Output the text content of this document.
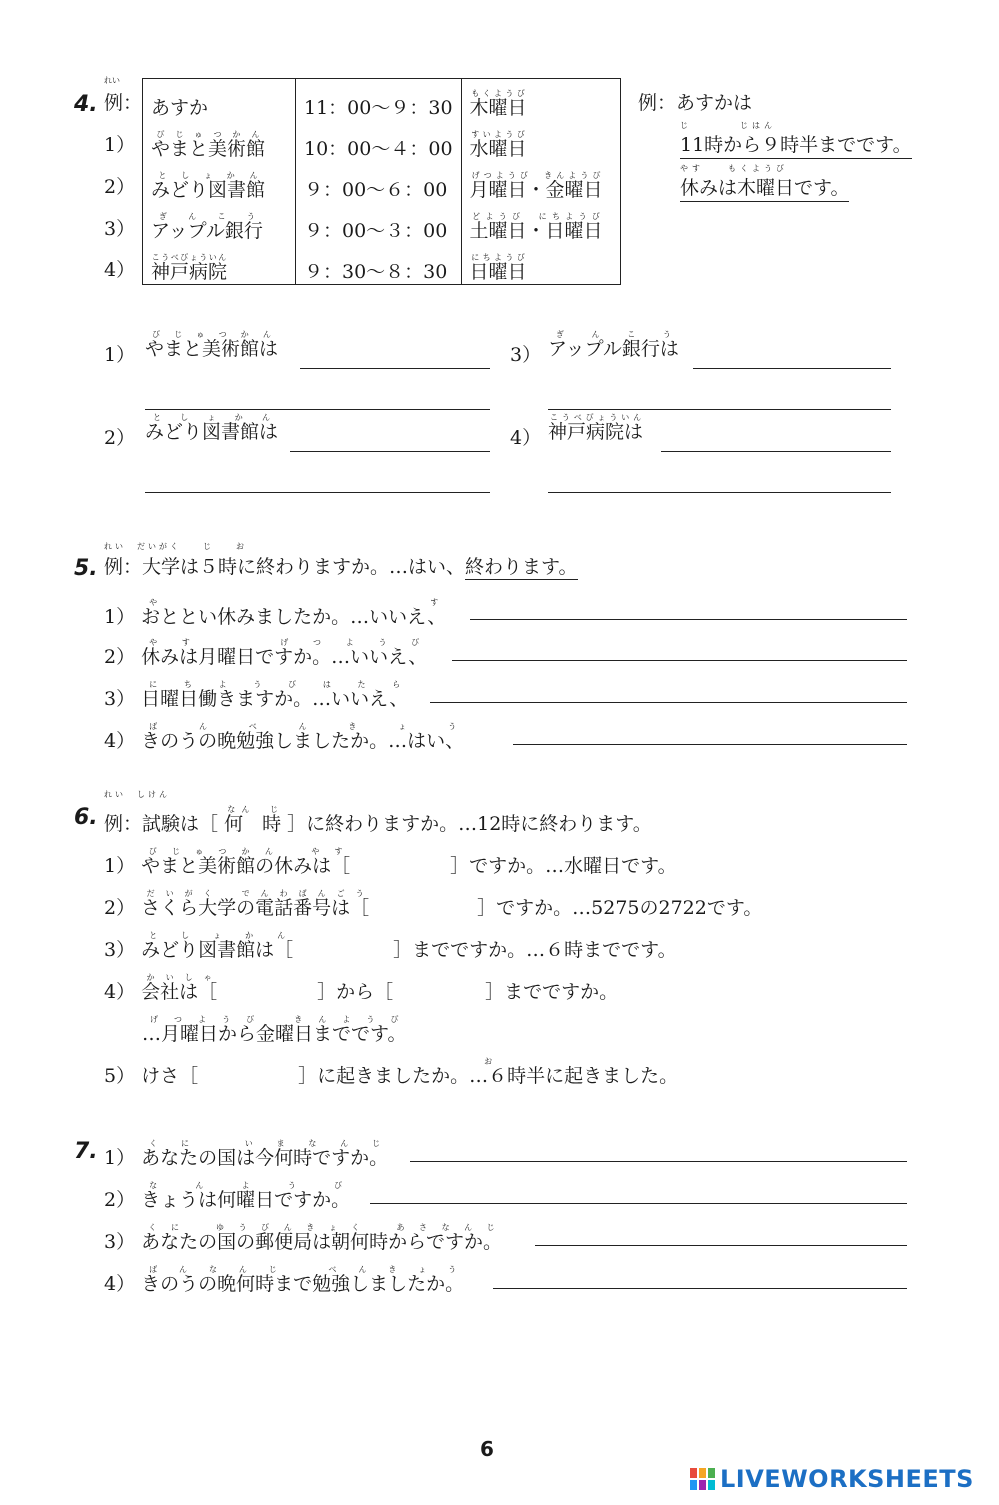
4.
れい
例：
1）
2）
3）
4）
あすか	11：00〜９：30	木曜日もくようび
やまと美術館びじゅつかん	10：00〜４：00	水曜日すいようび
みどり図書館としょかん	９：00〜６：00	月曜日・金曜日げつようび　きんようび
アップル銀行ぎんこう	９：00〜３：00	土曜日・日曜日どようび　にちようび
神戸病院こうべびょういん	９：30〜８：30	日曜日にちようび
例：あすかは
じ　　　　じはん
11時から９時半までです。
やす　　もくようび
休みは木曜日です。
1） やまと美術館はびじゅつかん
3） アップル銀行はぎんこう
2） みどり図書館はとしょかん
4） 神戸病院はこうべびょういん
5.
れい　だいがく　　じ　　お
例：大学は５時に終わりますか。…はい、終わります。
1） おととい休みましたか。…いいえ、やす
2） 休みは月曜日ですか。…いいえ、やす　　げつようび
3） 日曜日働きますか。…いいえ、にちようびはたら
4） きのうの晩勉強しましたか。…はい、ばんべんきょう
6.
れい　しけん
例：試験は［ 何　時なん　じ ］に終わりますか。…12時に終わります。
1） やまと美術館の休みは［びじゅつかん　やす］ですか。…水曜日です。
2） さくら大学の電話番号は［だいがく　でんわばんごう］ですか。…5275の2722です。
3） みどり図書館は［としょかん］までですか。…６時までです。
4） 会社は［かいしゃ］から［	］までですか。
…月曜日から金曜日までです。げつようび　きんようび
5） けさ［	］に起きましたか。…６時半に起きました。お
7. 1） あなたの国は今何時ですか。くに　いまなんじ
2） きょうは何曜日ですか。なんようび
3） あなたの国の郵便局は朝何時からですか。くに　ゆうびんきょく　あさなんじ
4） きのうの晩何時まで勉強しましたか。ばんなんじ　べんきょう
6
LIVEWORKSHEETS
